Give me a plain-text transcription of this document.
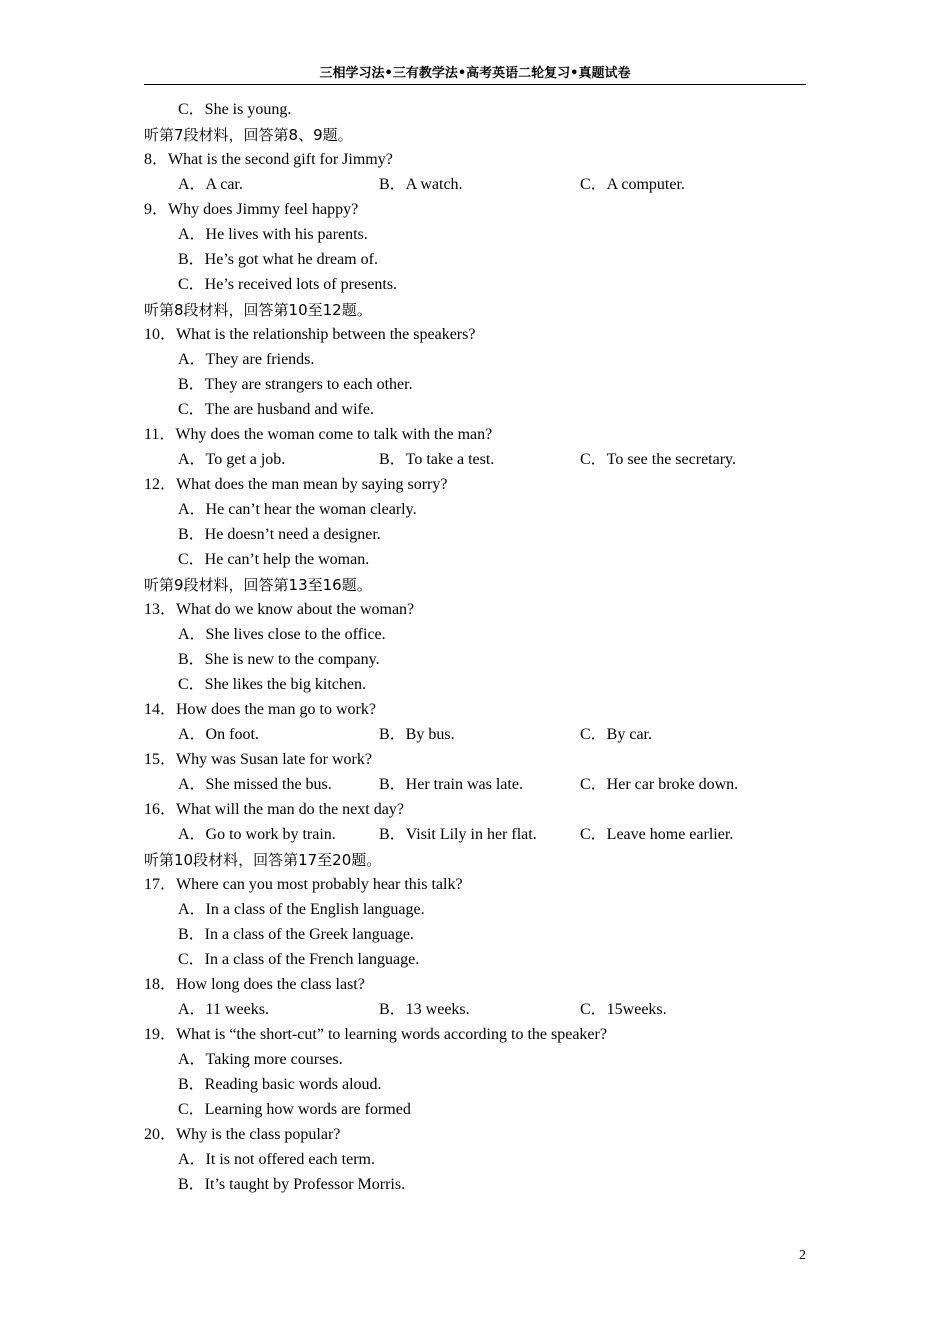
三相学习法•三有教学法•高考英语二轮复习•真题试卷
C．She is young.
听第7段材料，回答第8、9题。
8．What is the second gift for Jimmy?
A．A car.	B．A watch.	C．A computer.
9．Why does Jimmy feel happy?
A．He lives with his parents.
B．He’s got what he dream of.
C．He’s received lots of presents.
听第8段材料，回答第10至12题。
10．What is the relationship between the speakers?
A．They are friends.
B．They are strangers to each other.
C．The are husband and wife.
11．Why does the woman come to talk with the man?
A．To get a job.	B．To take a test.	C．To see the secretary.
12．What does the man mean by saying sorry?
A．He can’t hear the woman clearly.
B．He doesn’t need a designer.
C．He can’t help the woman.
听第9段材料，回答第13至16题。
13．What do we know about the woman?
A．She lives close to the office.
B．She is new to the company.
C．She likes the big kitchen.
14．How does the man go to work?
A．On foot.	B．By bus.	C．By car.
15．Why was Susan late for work?
A．She missed the bus.	B．Her train was late.	C．Her car broke down.
16．What will the man do the next day?
A．Go to work by train.	B．Visit Lily in her flat.	C．Leave home earlier.
听第10段材料，回答第17至20题。
17．Where can you most probably hear this talk?
A．In a class of the English language.
B．In a class of the Greek language.
C．In a class of the French language.
18．How long does the class last?
A．11 weeks.	B．13 weeks.	C．15weeks.
19．What is “the short-cut” to learning words according to the speaker?
A．Taking more courses.
B．Reading basic words aloud.
C．Learning how words are formed
20．Why is the class popular?
A．It is not offered each term.
B．It’s taught by Professor Morris.
2
